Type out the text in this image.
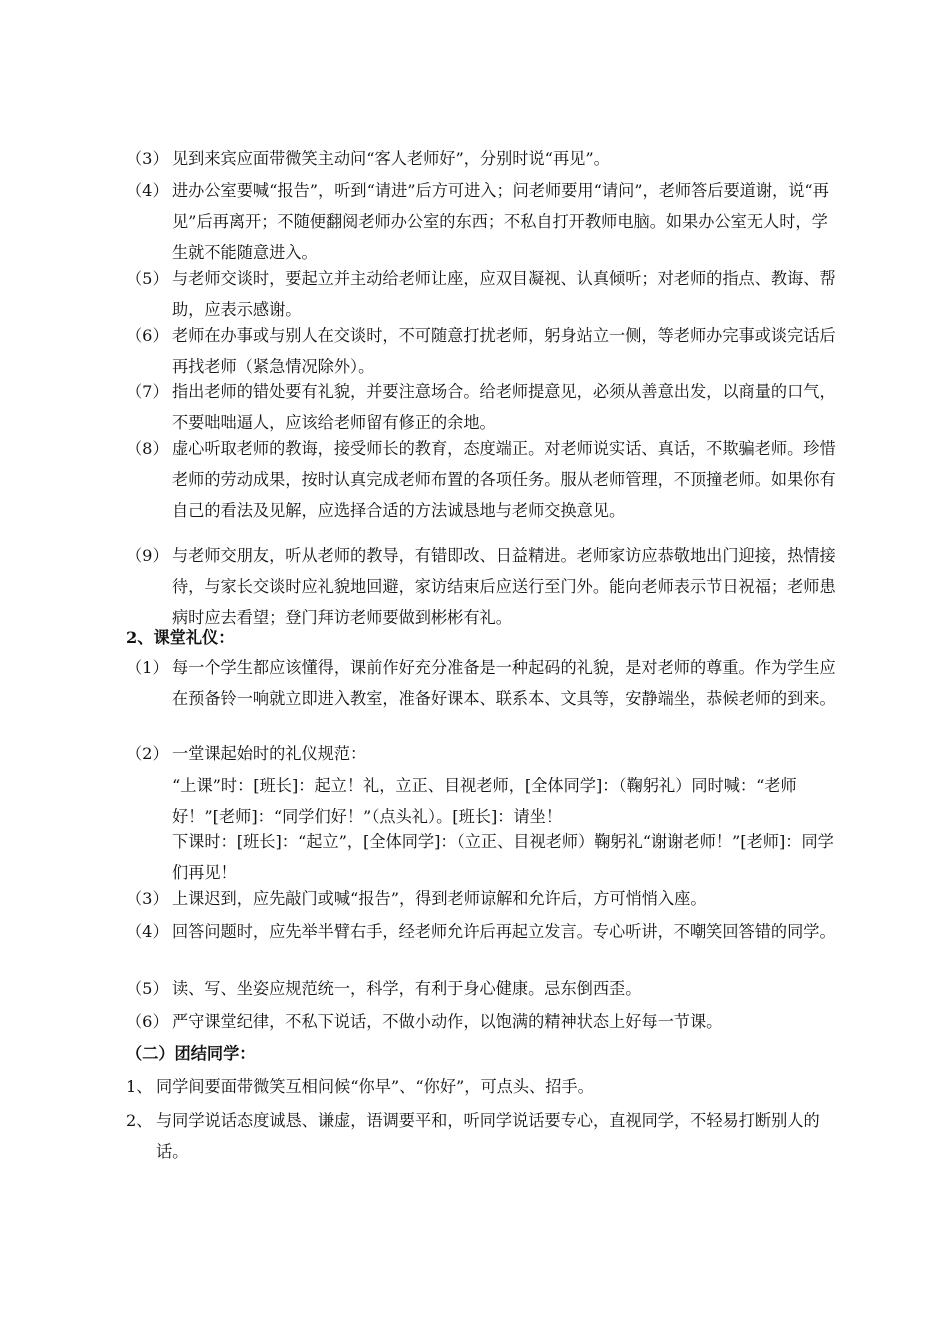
（3） 见到来宾应面带微笑主动问“客人老师好”，分别时说“再见”。
（4） 进办公室要喊“报告”，听到“请进”后方可进入；问老师要用“请问”，老师答后要道谢，说“再见”后再离开；不随便翻阅老师办公室的东西；不私自打开教师电脑。如果办公室无人时，学生就不能随意进入。
（5） 与老师交谈时，要起立并主动给老师让座，应双目凝视、认真倾听；对老师的指点、教诲、帮助，应表示感谢。
（6） 老师在办事或与别人在交谈时，不可随意打扰老师，躬身站立一侧，等老师办完事或谈完话后再找老师（紧急情况除外）。
（7） 指出老师的错处要有礼貌，并要注意场合。给老师提意见，必须从善意出发，以商量的口气，不要咄咄逼人，应该给老师留有修正的余地。
（8） 虚心听取老师的教诲，接受师长的教育，态度端正。对老师说实话、真话，不欺骗老师。珍惜老师的劳动成果，按时认真完成老师布置的各项任务。服从老师管理，不顶撞老师。如果你有自己的看法及见解，应选择合适的方法诚恳地与老师交换意见。
（9） 与老师交朋友，听从老师的教导，有错即改、日益精进。老师家访应恭敬地出门迎接，热情接待，与家长交谈时应礼貌地回避，家访结束后应送行至门外。能向老师表示节日祝福；老师患病时应去看望；登门拜访老师要做到彬彬有礼。
2、课堂礼仪：
（1） 每一个学生都应该懂得，课前作好充分准备是一种起码的礼貌，是对老师的尊重。作为学生应在预备铃一响就立即进入教室，准备好课本、联系本、文具等，安静端坐，恭候老师的到来。
（2） 一堂课起始时的礼仪规范：
“上课”时：[班长]：起立！礼，立正、目视老师，[全体同学]：（鞠躬礼）同时喊：“老师好！”[老师]：“同学们好！”（点头礼）。[班长]：请坐！
下课时：[班长]：“起立”，[全体同学]：（立正、目视老师）鞠躬礼“谢谢老师！”[老师]：同学们再见！
（3） 上课迟到，应先敲门或喊“报告”，得到老师谅解和允许后，方可悄悄入座。
（4） 回答问题时，应先举半臂右手，经老师允许后再起立发言。专心听讲，不嘲笑回答错的同学。
（5） 读、写、坐姿应规范统一，科学，有利于身心健康。忌东倒西歪。
（6） 严守课堂纪律，不私下说话，不做小动作，以饱满的精神状态上好每一节课。
（二）团结同学：
1、 同学间要面带微笑互相问候“你早”、“你好”，可点头、招手。
2、 与同学说话态度诚恳、谦虚，语调要平和，听同学说话要专心，直视同学，不轻易打断别人的话。
